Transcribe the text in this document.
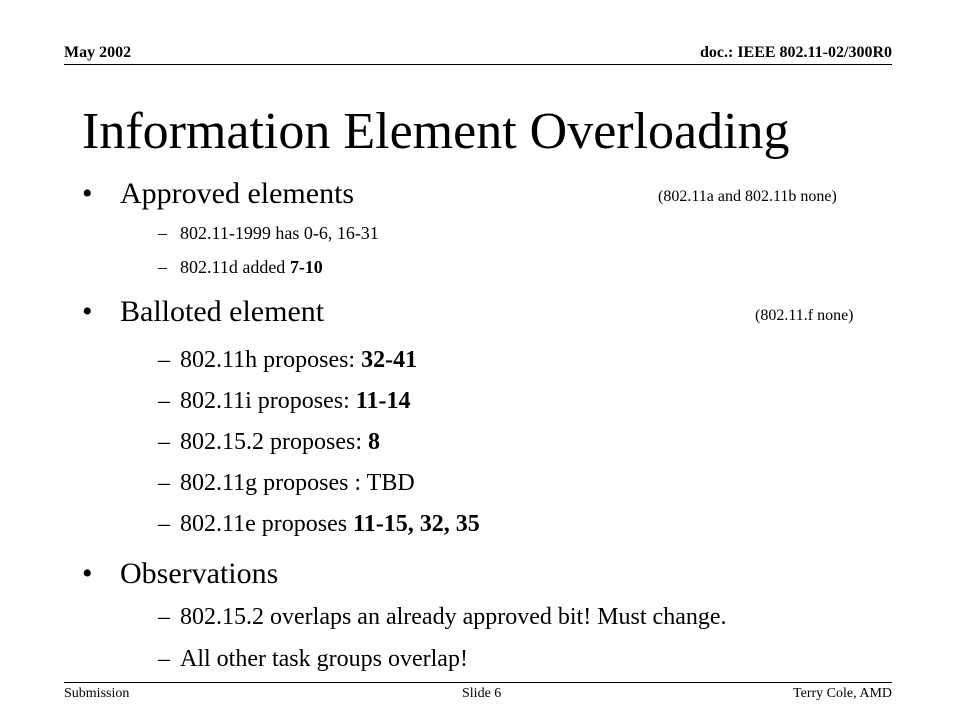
May 2002	doc.: IEEE 802.11-02/300R0
Information Element Overloading
• Approved elements	(802.11a and 802.11b none)
– 802.11-1999 has 0-6, 16-31
– 802.11d added 7-10
• Balloted element	(802.11.f none)
– 802.11h proposes: 32-41
– 802.11i proposes: 11-14
– 802.15.2 proposes: 8
– 802.11g proposes : TBD
– 802.11e proposes 11-15, 32, 35
• Observations
– 802.15.2 overlaps an already approved bit! Must change.
– All other task groups overlap!
Submission	Slide 6	Terry Cole, AMD
